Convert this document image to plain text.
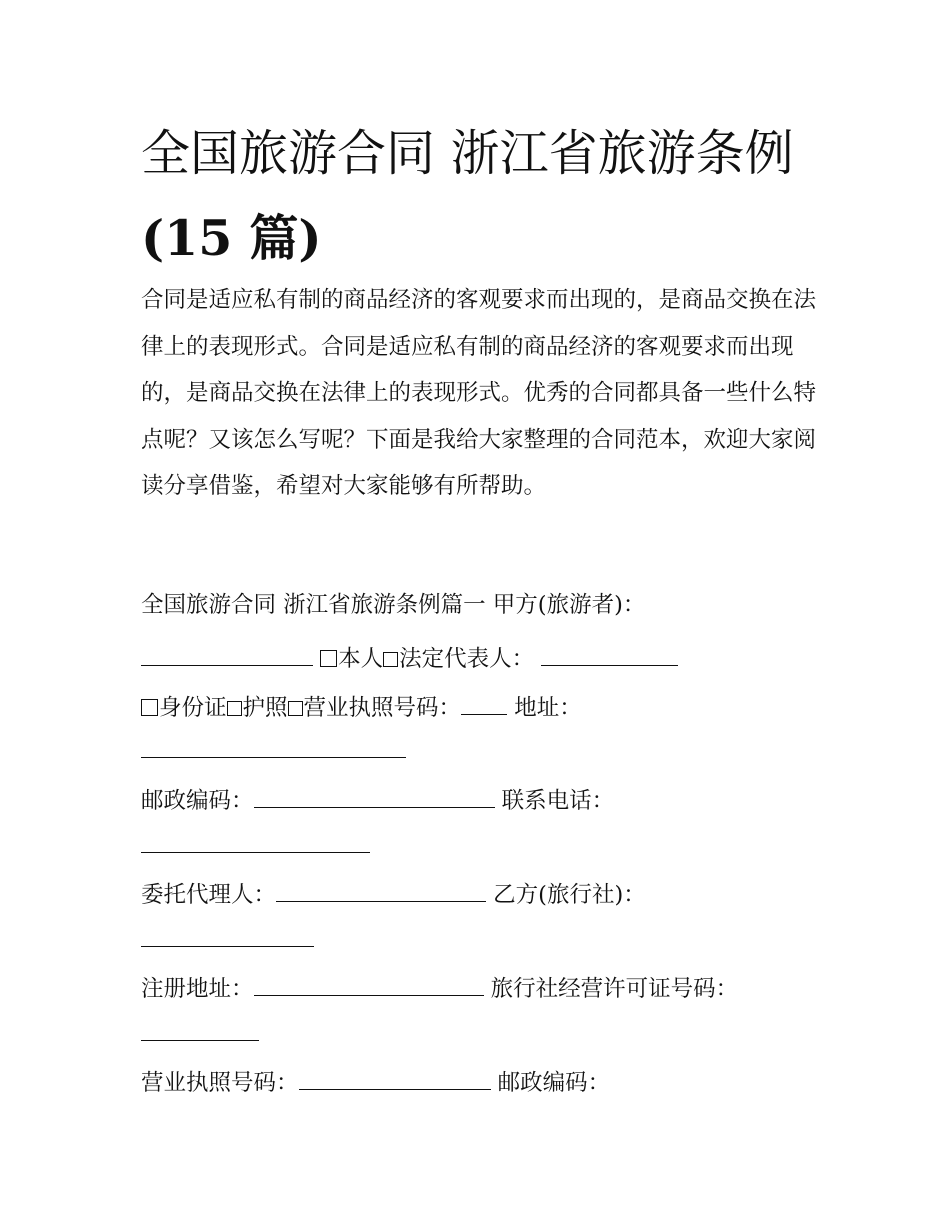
全国旅游合同 浙江省旅游条例
(15 篇)

合同是适应私有制的商品经济的客观要求而出现的，是商品交换在法律上的表现形式。合同是适应私有制的商品经济的客观要求而出现的，是商品交换在法律上的表现形式。优秀的合同都具备一些什么特点呢？又该怎么写呢？下面是我给大家整理的合同范本，欢迎大家阅读分享借鉴，希望对大家能够有所帮助。

全国旅游合同 浙江省旅游条例篇一 甲方(旅游者)：
本人 法定代表人：
身份证 护照 营业执照号码： 地址：
邮政编码：	联系电话：
委托代理人：	乙方(旅行社)：
注册地址：	旅行社经营许可证号码：
营业执照号码：	邮政编码：
